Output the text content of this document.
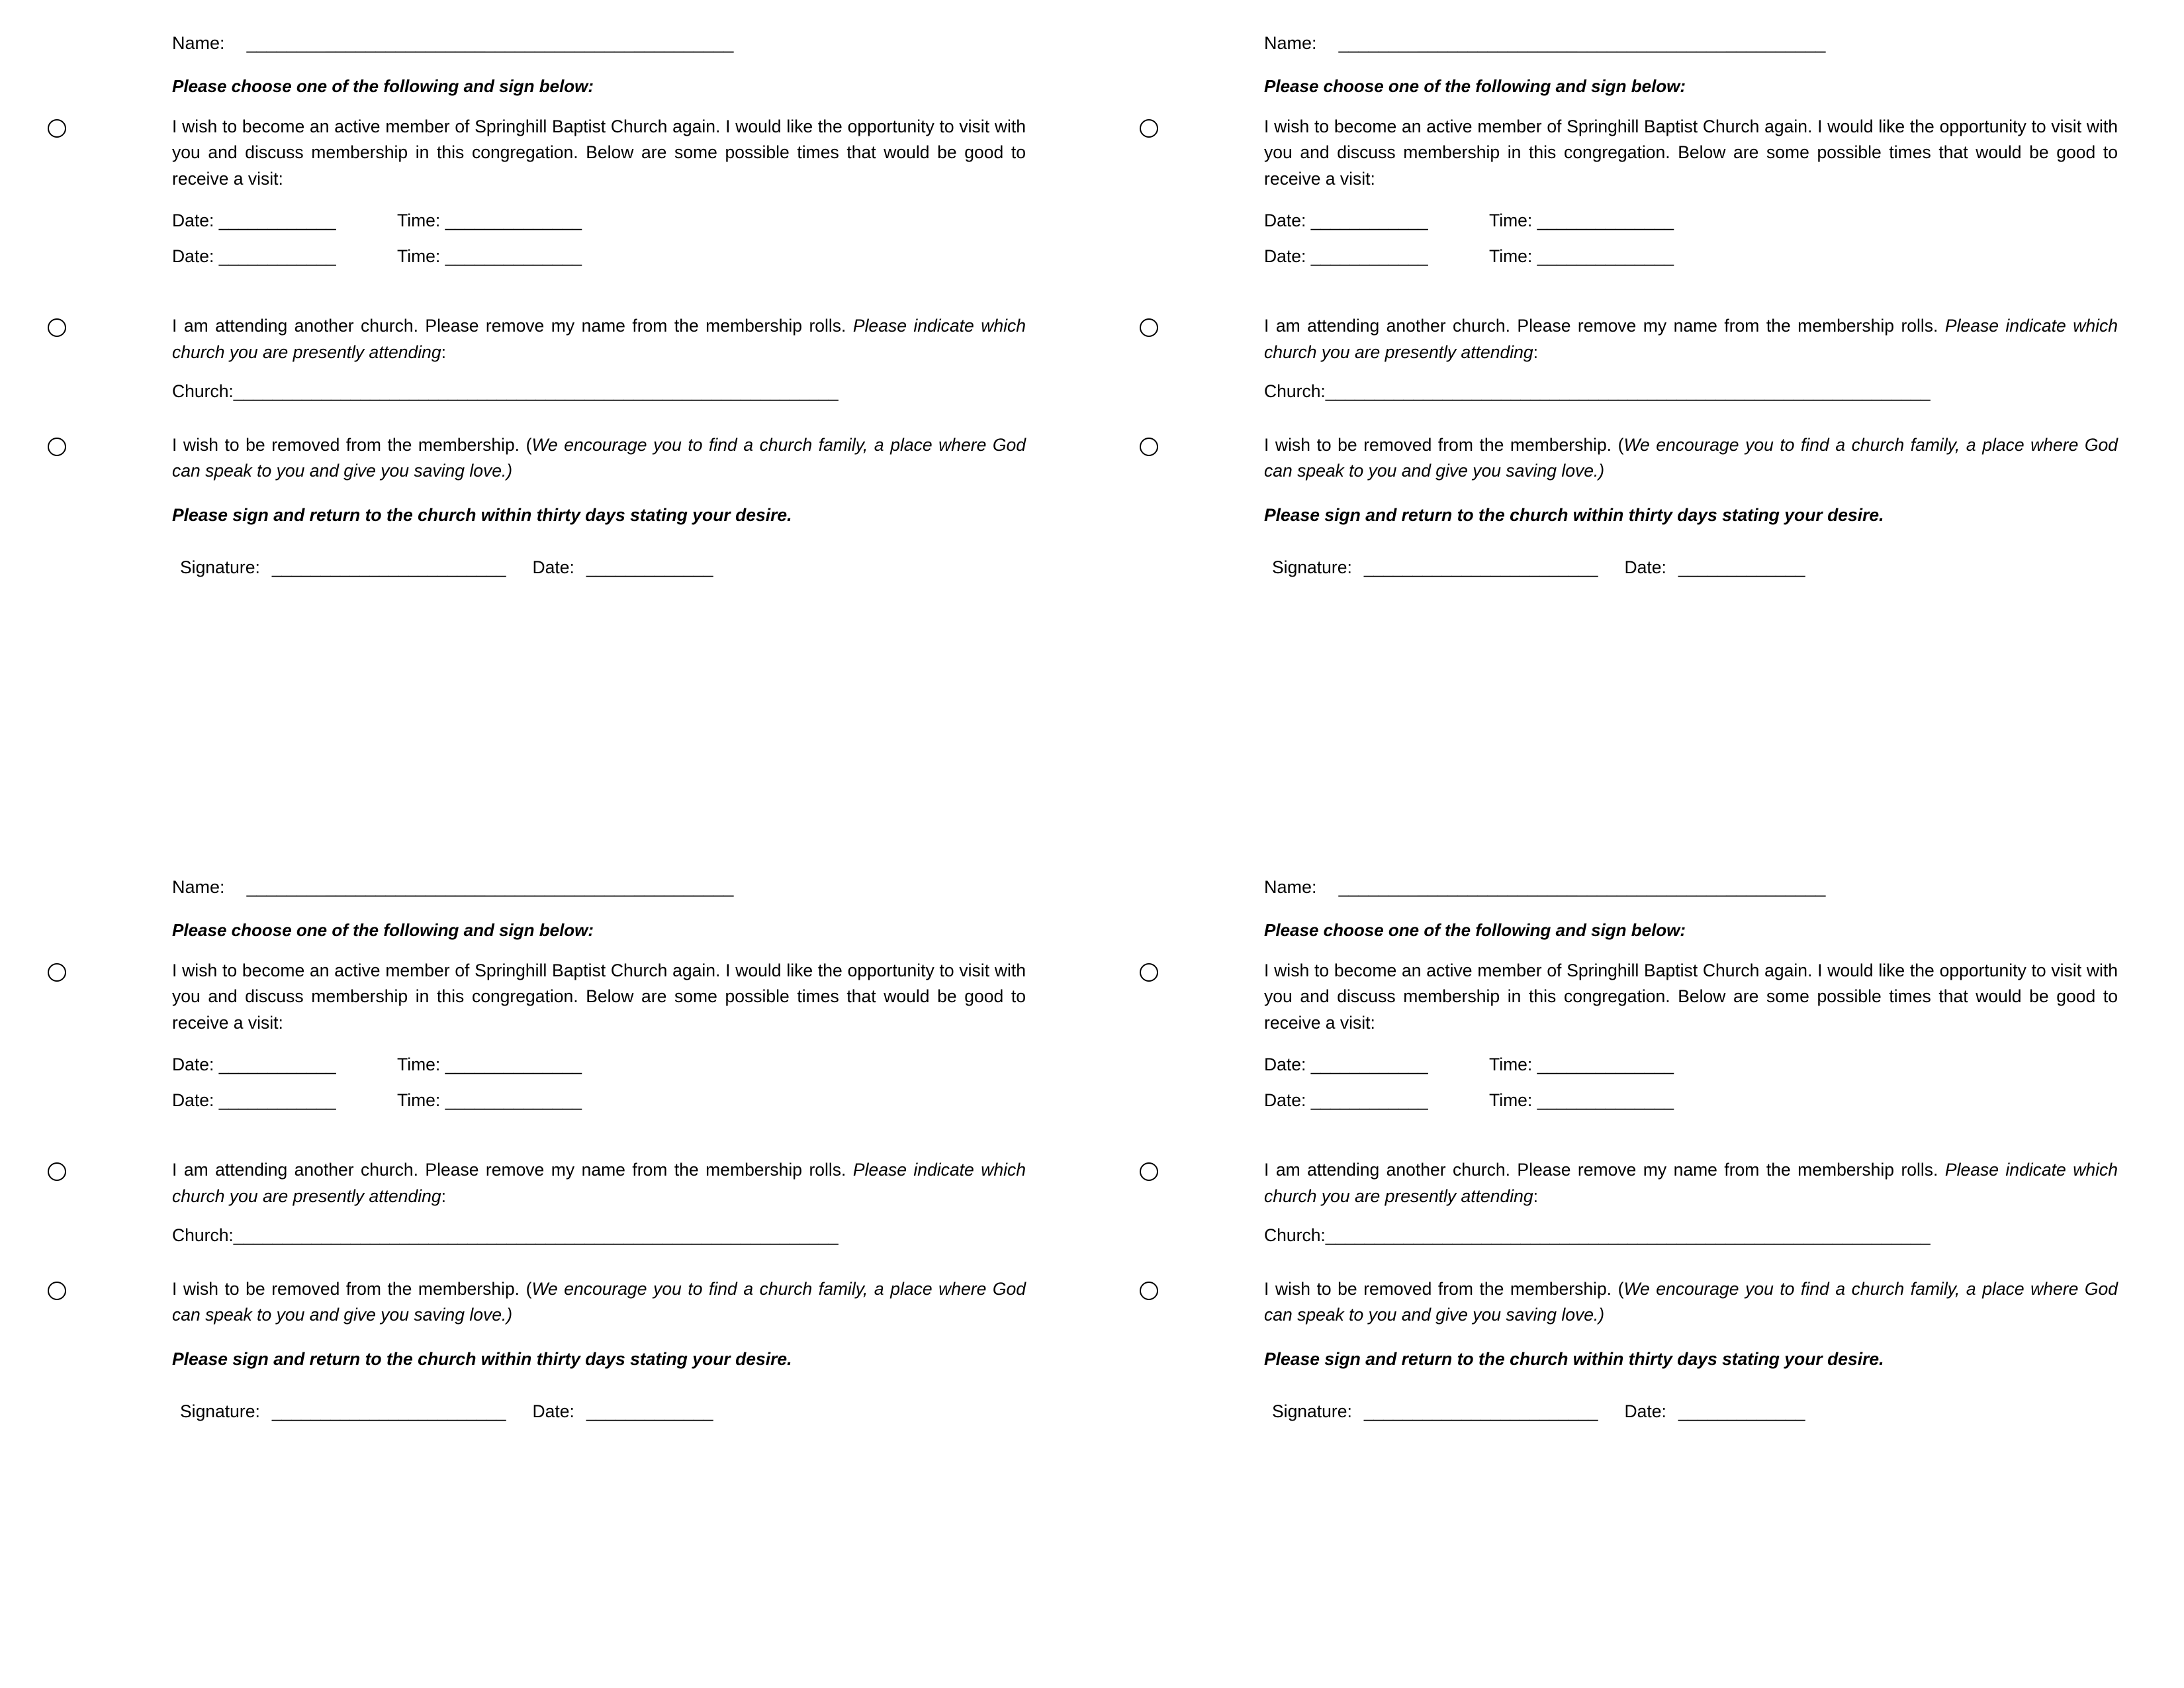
Name: _________________________________________________
Please choose one of the following and sign below:
I wish to become an active member of Springhill Baptist Church again. I would like the opportunity to visit with you and discuss membership in this congregation. Below are some possible times that would be good to receive a visit:
Date: ____________	Time: ______________
Date: ____________	Time: ______________
I am attending another church. Please remove my name from the membership rolls. Please indicate which church you are presently attending:
Church:______________________________________________________________
I wish to be removed from the membership. (We encourage you to find a church family, a place where God can speak to you and give you saving love.)
Please sign and return to the church within thirty days stating your desire.
Signature: ________________________ Date: _____________
Name: _________________________________________________
Please choose one of the following and sign below:
I wish to become an active member of Springhill Baptist Church again. I would like the opportunity to visit with you and discuss membership in this congregation. Below are some possible times that would be good to receive a visit:
Date: ____________	Time: ______________
Date: ____________	Time: ______________
I am attending another church. Please remove my name from the membership rolls. Please indicate which church you are presently attending:
Church:______________________________________________________________
I wish to be removed from the membership. (We encourage you to find a church family, a place where God can speak to you and give you saving love.)
Please sign and return to the church within thirty days stating your desire.
Signature: ________________________ Date: _____________
Name: _________________________________________________
Please choose one of the following and sign below:
I wish to become an active member of Springhill Baptist Church again. I would like the opportunity to visit with you and discuss membership in this congregation. Below are some possible times that would be good to receive a visit:
Date: ____________	Time: ______________
Date: ____________	Time: ______________
I am attending another church. Please remove my name from the membership rolls. Please indicate which church you are presently attending:
Church:______________________________________________________________
I wish to be removed from the membership. (We encourage you to find a church family, a place where God can speak to you and give you saving love.)
Please sign and return to the church within thirty days stating your desire.
Signature: ________________________ Date: _____________
Name: _________________________________________________
Please choose one of the following and sign below:
I wish to become an active member of Springhill Baptist Church again. I would like the opportunity to visit with you and discuss membership in this congregation. Below are some possible times that would be good to receive a visit:
Date: ____________	Time: ______________
Date: ____________	Time: ______________
I am attending another church. Please remove my name from the membership rolls. Please indicate which church you are presently attending:
Church:______________________________________________________________
I wish to be removed from the membership. (We encourage you to find a church family, a place where God can speak to you and give you saving love.)
Please sign and return to the church within thirty days stating your desire.
Signature: ________________________ Date: _____________
